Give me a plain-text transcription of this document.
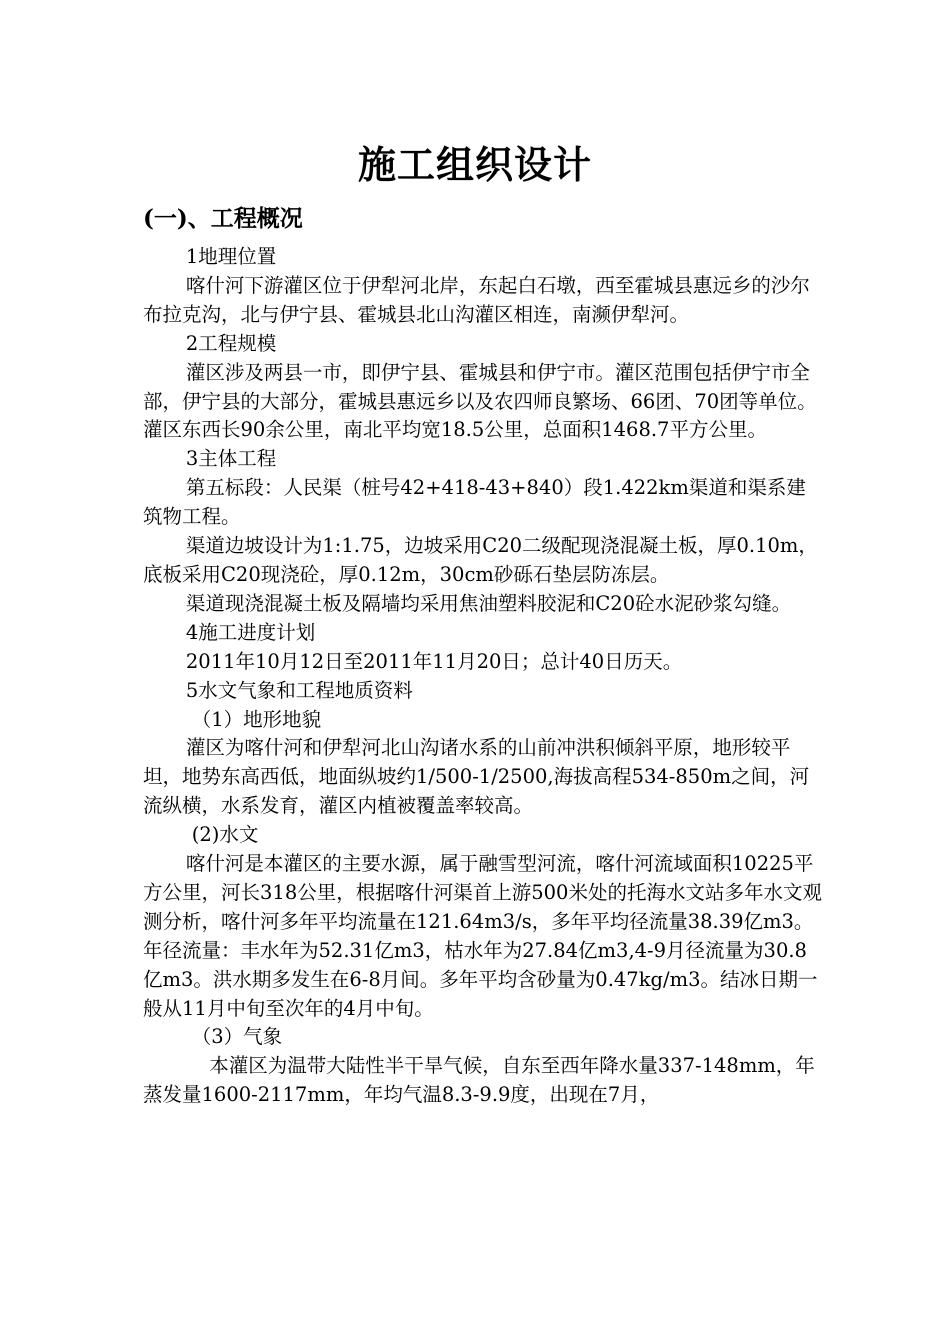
施工组织设计
(一)、工程概况

1地理位置

喀什河下游灌区位于伊犁河北岸，东起白石墩，西至霍城县惠远乡的沙尔布拉克沟，北与伊宁县、霍城县北山沟灌区相连，南濒伊犁河。

2工程规模

灌区涉及两县一市，即伊宁县、霍城县和伊宁市。灌区范围包括伊宁市全部，伊宁县的大部分，霍城县惠远乡以及农四师良繁场、66团、70团等单位。灌区东西长90余公里，南北平均宽18.5公里，总面积1468.7平方公里。

3主体工程

第五标段：人民渠（桩号42+418-43+840）段1.422km渠道和渠系建筑物工程。

渠道边坡设计为1:1.75，边坡采用C20二级配现浇混凝土板，厚0.10m，底板采用C20现浇砼，厚0.12m，30cm砂砾石垫层防冻层。

渠道现浇混凝土板及隔墙均采用焦油塑料胶泥和C20砼水泥砂浆勾缝。

4施工进度计划

2011年10月12日至2011年11月20日；总计40日历天。

5水文气象和工程地质资料

（1）地形地貌

灌区为喀什河和伊犁河北山沟诸水系的山前冲洪积倾斜平原，地形较平坦，地势东高西低，地面纵坡约1/500-1/2500,海拔高程534-850m之间，河流纵横，水系发育，灌区内植被覆盖率较高。

(2)水文

喀什河是本灌区的主要水源，属于融雪型河流，喀什河流域面积10225平方公里，河长318公里，根据喀什河渠首上游500米处的托海水文站多年水文观测分析，喀什河多年平均流量在121.64m3/s，多年平均径流量38.39亿m3。年径流量：丰水年为52.31亿m3，枯水年为27.84亿m3,4-9月径流量为30.8亿m3。洪水期多发生在6-8月间。多年平均含砂量为0.47kg/m3。结冰日期一般从11月中旬至次年的4月中旬。

（3）气象

本灌区为温带大陆性半干旱气候，自东至西年降水量337-148mm，年蒸发量1600-2117mm，年均气温8.3-9.9度，出现在7月，
